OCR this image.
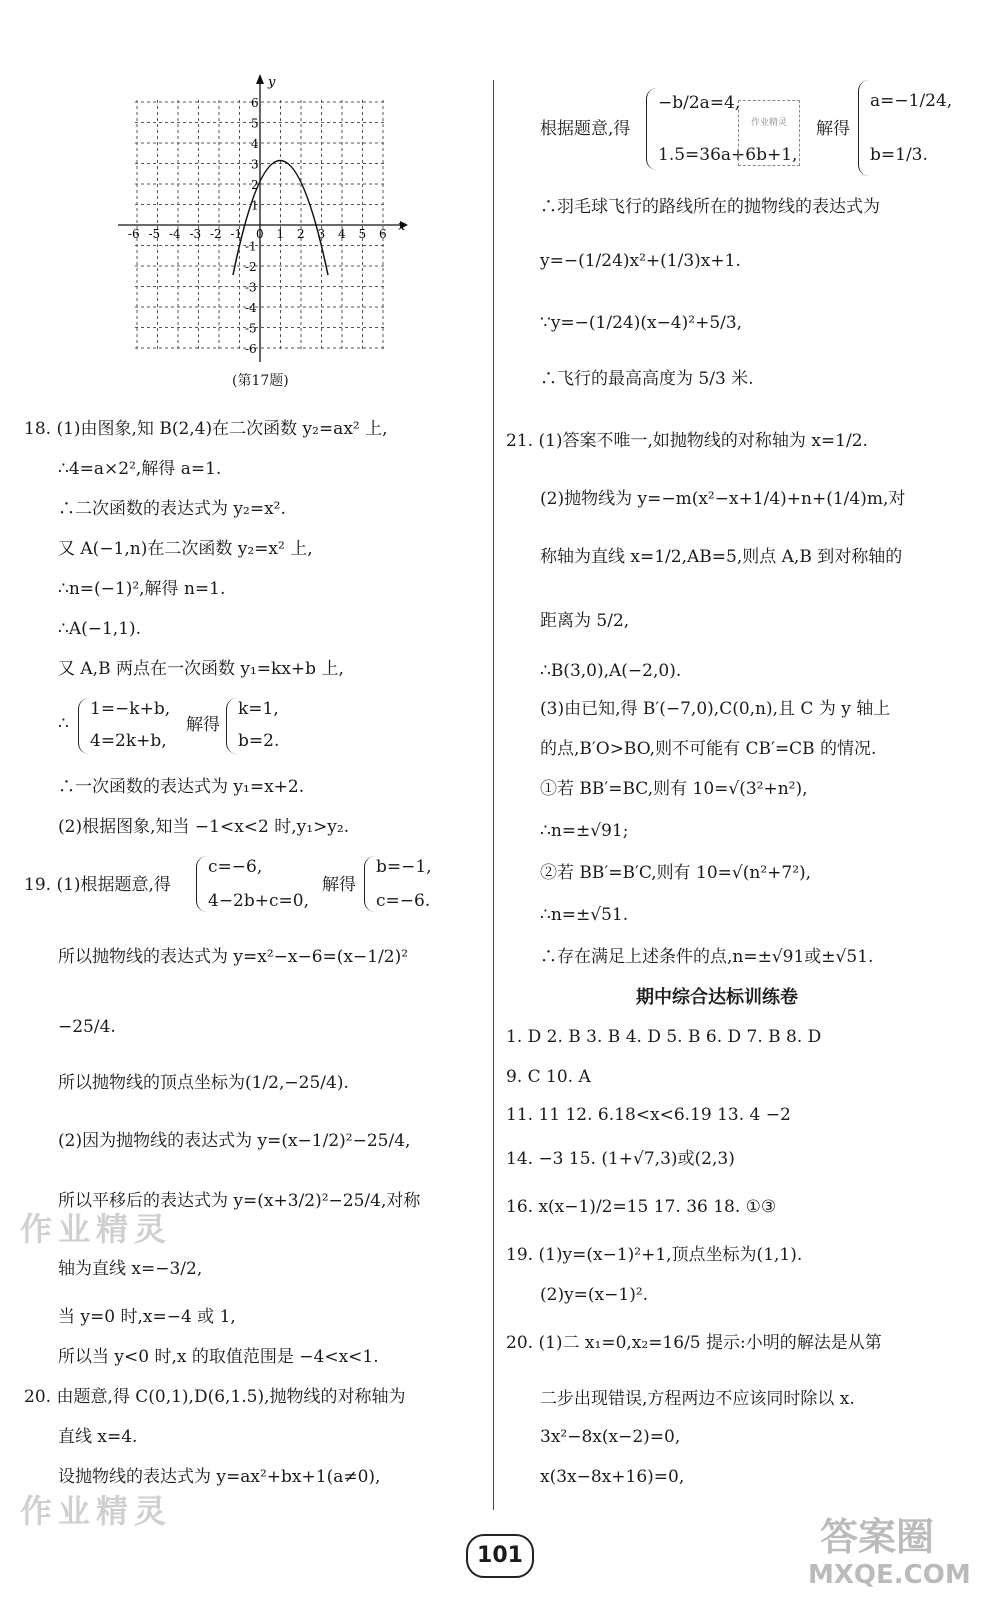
x
y
-6 -5 -4 -3 -2 -1 0 1 2 3 4 5 6
6
5
4
3
2
1
-1
-2
-3
-4
-5
-6
(第17题)
18. (1)由图象,知 B(2,4)在二次函数 y₂=ax² 上,
∴4=a×2²,解得 a=1.
∴二次函数的表达式为 y₂=x².
又 A(−1,n)在二次函数 y₂=x² 上,
∴n=(−1)²,解得 n=1.
∴A(−1,1).
又 A,B 两点在一次函数 y₁=kx+b 上,
∴
1=−k+b,
4=2k+b,
解得
k=1,
b=2.
∴一次函数的表达式为 y₁=x+2.
(2)根据图象,知当 −1<x<2 时,y₁>y₂.
19. (1)根据题意,得
c=−6,
4−2b+c=0,
解得
b=−1,
c=−6.
所以抛物线的表达式为 y=x²−x−6=(x−1/2)²
−25/4.
所以抛物线的顶点坐标为(1/2,−25/4).
(2)因为抛物线的表达式为 y=(x−1/2)²−25/4,
所以平移后的表达式为 y=(x+3/2)²−25/4,对称
轴为直线 x=−3/2,
当 y=0 时,x=−4 或 1,
所以当 y<0 时,x 的取值范围是 −4<x<1.
20. 由题意,得 C(0,1),D(6,1.5),抛物线的对称轴为
直线 x=4.
设抛物线的表达式为 y=ax²+bx+1(a≠0),
根据题意,得
−b/2a=4,
1.5=36a+6b+1,
解得
a=−1/24,
b=1/3.
作业精灵
∴羽毛球飞行的路线所在的抛物线的表达式为
y=−(1/24)x²+(1/3)x+1.
∵y=−(1/24)(x−4)²+5/3,
∴飞行的最高高度为 5/3 米.
21. (1)答案不唯一,如抛物线的对称轴为 x=1/2.
(2)抛物线为 y=−m(x²−x+1/4)+n+(1/4)m,对
称轴为直线 x=1/2,AB=5,则点 A,B 到对称轴的
距离为 5/2,
∴B(3,0),A(−2,0).
(3)由已知,得 B′(−7,0),C(0,n),且 C 为 y 轴上
的点,B′O>BO,则不可能有 CB′=CB 的情况.
①若 BB′=BC,则有 10=√(3²+n²),
∴n=±√91;
②若 BB′=B′C,则有 10=√(n²+7²),
∴n=±√51.
∴存在满足上述条件的点,n=±√91或±√51.
期中综合达标训练卷
1. D 2. B 3. B 4. D 5. B 6. D 7. B 8. D
9. C 10. A
11. 11 12. 6.18<x<6.19 13. 4 −2
14. −3 15. (1+√7,3)或(2,3)
16. x(x−1)/2=15 17. 36 18. ①③
19. (1)y=(x−1)²+1,顶点坐标为(1,1).
(2)y=(x−1)².
20. (1)二 x₁=0,x₂=16/5 提示:小明的解法是从第
二步出现错误,方程两边不应该同时除以 x.
3x²−8x(x−2)=0,
x(3x−8x+16)=0,
作业精灵
作业精灵
101	答案圈
MXQE.COM
